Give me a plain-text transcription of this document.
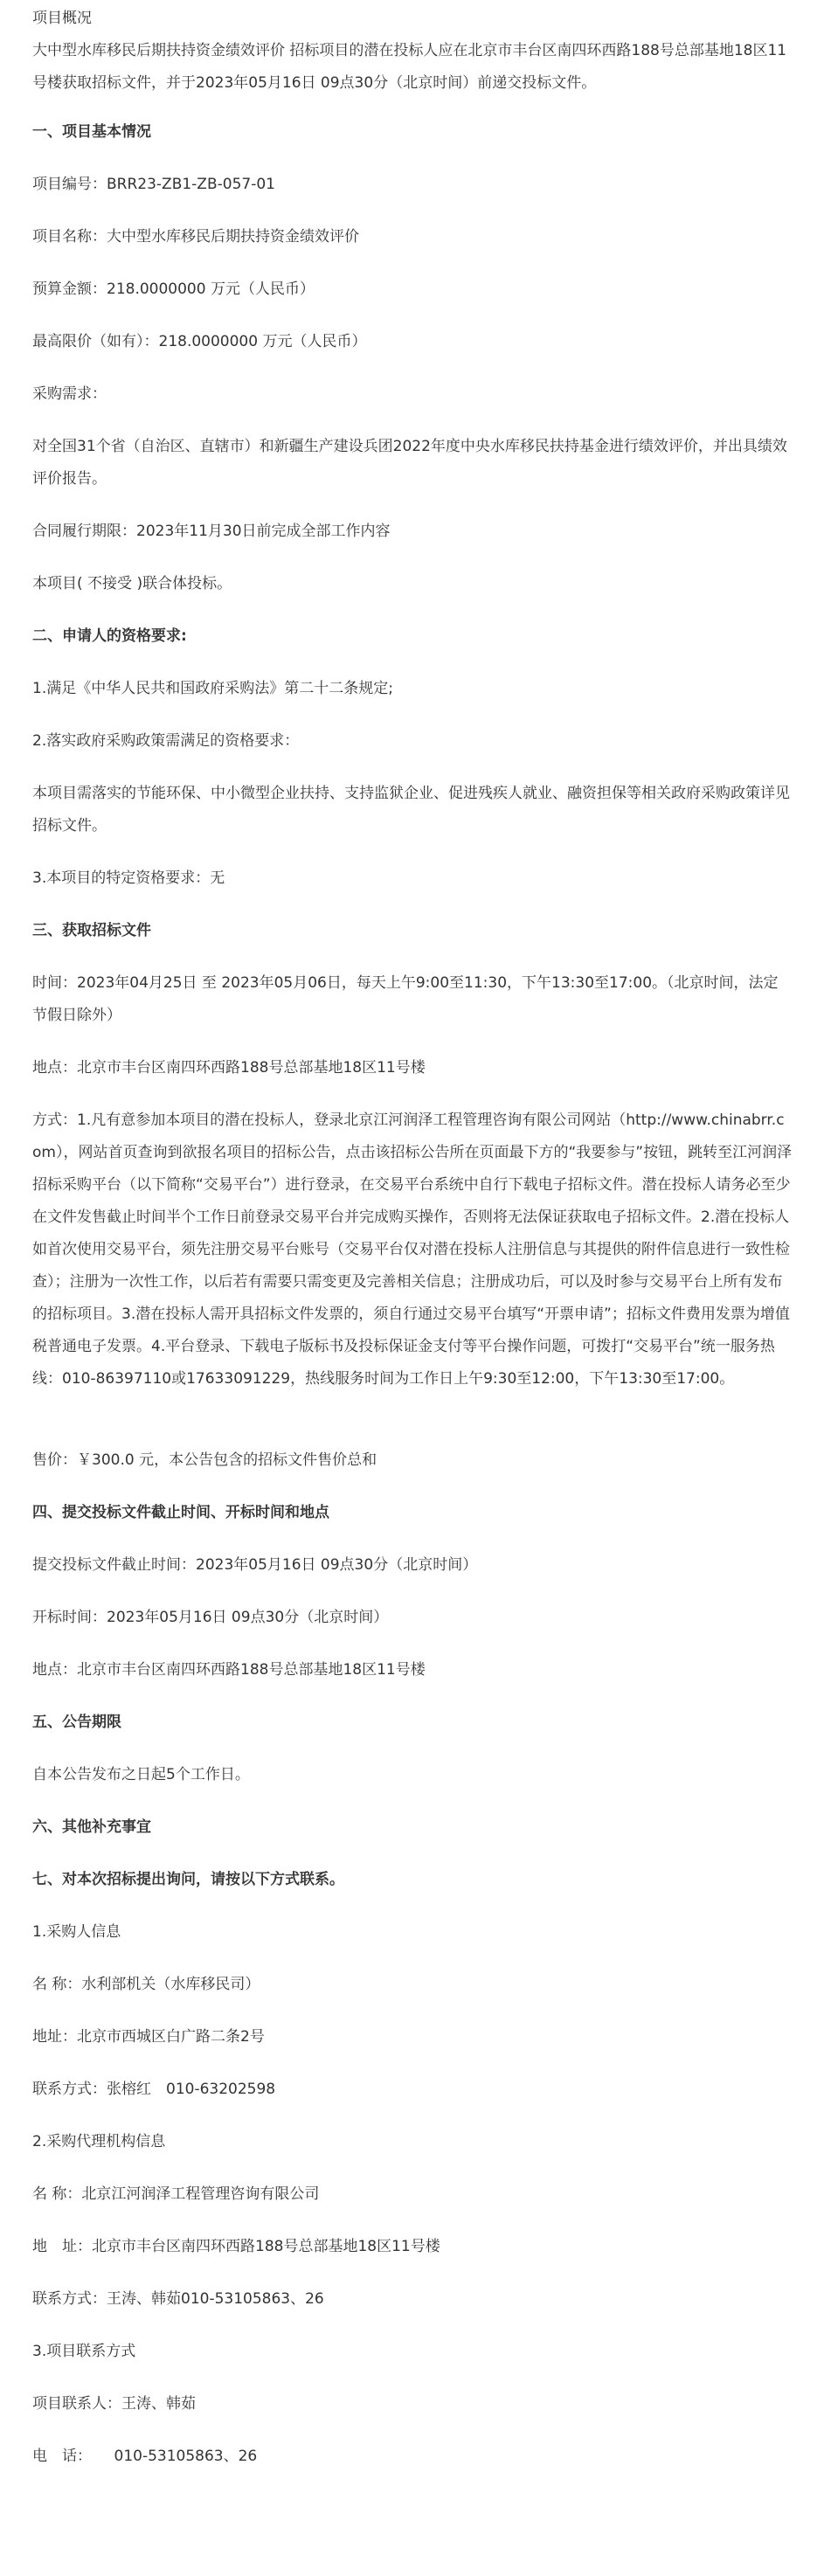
项目概况

大中型水库移民后期扶持资金绩效评价 招标项目的潜在投标人应在北京市丰台区南四环西路188号总部基地18区11号楼获取招标文件，并于2023年05月16日 09点30分（北京时间）前递交投标文件。

一、项目基本情况

项目编号：BRR23-ZB1-ZB-057-01

项目名称：大中型水库移民后期扶持资金绩效评价

预算金额：218.0000000 万元（人民币）

最高限价（如有）：218.0000000 万元（人民币）

采购需求：

对全国31个省（自治区、直辖市）和新疆生产建设兵团2022年度中央水库移民扶持基金进行绩效评价，并出具绩效评价报告。

合同履行期限：2023年11月30日前完成全部工作内容

本项目( 不接受 )联合体投标。

二、申请人的资格要求:

1.满足《中华人民共和国政府采购法》第二十二条规定;

2.落实政府采购政策需满足的资格要求：

本项目需落实的节能环保、中小微型企业扶持、支持监狱企业、促进残疾人就业、融资担保等相关政府采购政策详见招标文件。

3.本项目的特定资格要求：无

三、获取招标文件

时间：2023年04月25日 至 2023年05月06日，每天上午9:00至11:30，下午13:30至17:00。（北京时间，法定节假日除外）

地点：北京市丰台区南四环西路188号总部基地18区11号楼

方式：1.凡有意参加本项目的潜在投标人，登录北京江河润泽工程管理咨询有限公司网站（http://www.chinabrr.com），网站首页查询到欲报名项目的招标公告，点击该招标公告所在页面最下方的“我要参与”按钮，跳转至江河润泽招标采购平台（以下简称“交易平台”）进行登录，在交易平台系统中自行下载电子招标文件。潜在投标人请务必至少在文件发售截止时间半个工作日前登录交易平台并完成购买操作，否则将无法保证获取电子招标文件。2.潜在投标人如首次使用交易平台，须先注册交易平台账号（交易平台仅对潜在投标人注册信息与其提供的附件信息进行一致性检查）；注册为一次性工作，以后若有需要只需变更及完善相关信息；注册成功后，可以及时参与交易平台上所有发布的招标项目。3.潜在投标人需开具招标文件发票的，须自行通过交易平台填写“开票申请”；招标文件费用发票为增值税普通电子发票。4.平台登录、下载电子版标书及投标保证金支付等平台操作问题，可拨打“交易平台”统一服务热线：010-86397110或17633091229，热线服务时间为工作日上午9:30至12:00，下午13:30至17:00。

售价：￥300.0 元，本公告包含的招标文件售价总和

四、提交投标文件截止时间、开标时间和地点

提交投标文件截止时间：2023年05月16日 09点30分（北京时间）

开标时间：2023年05月16日 09点30分（北京时间）

地点：北京市丰台区南四环西路188号总部基地18区11号楼

五、公告期限

自本公告发布之日起5个工作日。

六、其他补充事宜

七、对本次招标提出询问，请按以下方式联系。

1.采购人信息

名 称：水利部机关（水库移民司）

地址：北京市西城区白广路二条2号

联系方式：张榕红　010-63202598

2.采购代理机构信息

名 称：北京江河润泽工程管理咨询有限公司

地　址：北京市丰台区南四环西路188号总部基地18区11号楼

联系方式：王涛、韩茹010-53105863、26

3.项目联系方式

项目联系人：王涛、韩茹

电　话：　　010-53105863、26
